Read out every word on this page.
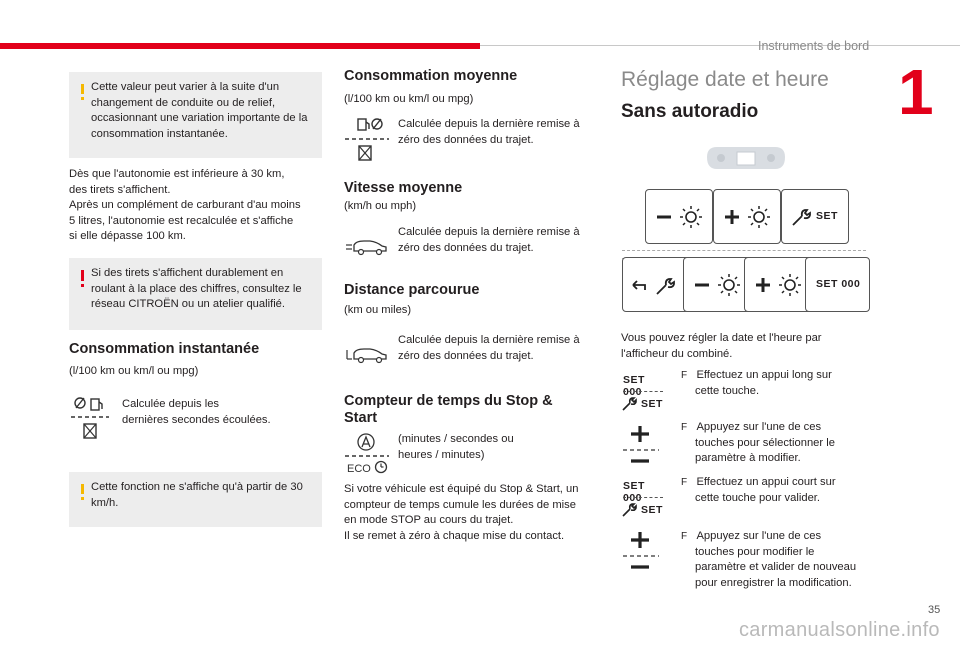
Instruments de bord
1
35
Cette valeur peut varier à la suite d'un changement de conduite ou de relief, occasionnant une variation importante de la consommation instantanée.
Dès que l'autonomie est inférieure à 30 km,
des tirets s'affichent.
Après un complément de carburant d'au moins
5 litres, l'autonomie est recalculée et s'affiche
si elle dépasse 100 km.
Si des tirets s'affichent durablement en roulant à la place des chiffres, consultez le réseau CITROËN ou un atelier qualifié.
Consommation instantanée
(l/100 km ou km/l ou mpg)
Calculée depuis les
dernières secondes écoulées.
Cette fonction ne s'affiche qu'à partir de 30 km/h.
Consommation moyenne
(l/100 km ou km/l ou mpg)
Calculée depuis la dernière remise à
zéro des données du trajet.
Vitesse moyenne
(km/h ou mph)
Calculée depuis la dernière remise à
zéro des données du trajet.
Distance parcourue
(km ou miles)
Calculée depuis la dernière remise à
zéro des données du trajet.
Compteur de temps du Stop &
Start
ECO
(minutes / secondes ou
heures / minutes)
Si votre véhicule est équipé du Stop & Start, un
compteur de temps cumule les durées de mise
en mode STOP au cours du trajet.
Il se remet à zéro à chaque mise du contact.
Réglage date et heure
Sans autoradio
SET
SET 000
Vous pouvez régler la date et l'heure par
l'afficheur du combiné.
SET 000
SET
F Effectuez un appui long sur
cette touche.
F Appuyez sur l'une de ces
touches pour sélectionner le
paramètre à modifier.
SET 000
SET
F Effectuez un appui court sur
cette touche pour valider.
F Appuyez sur l'une de ces
touches pour modifier le
paramètre et valider de nouveau
pour enregistrer la modification.
carmanualsonline.info
